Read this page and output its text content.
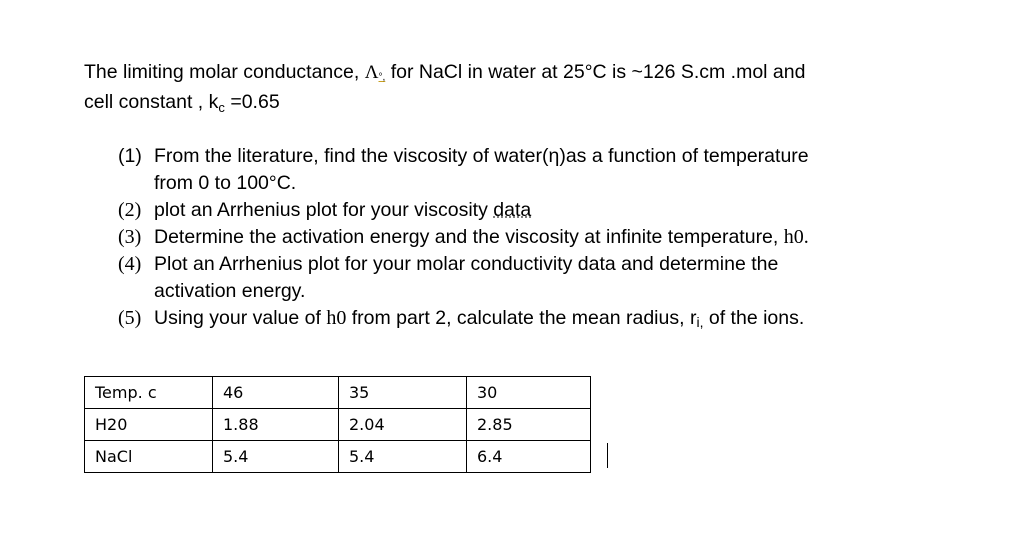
The limiting molar conductance, Λ°, for NaCl in water at 25°C is ~126 S.cm .mol and
cell constant , $k_c =0.65$
(1) From the literature, find the viscosity of water(η)as a function of temperature
from 0 to 100°C.
(2) plot an Arrhenius plot for your viscosity data
(3) Determine the activation energy and the viscosity at infinite temperature, h0.
(4) Plot an Arrhenius plot for your molar conductivity data and determine the
activation energy.
(5) Using your value of h0 from part 2, calculate the mean radius, ri, of the ions.
Temp. c	46	35	30
H20	1.88	2.04	2.85
NaCl	5.4	5.4	6.4
